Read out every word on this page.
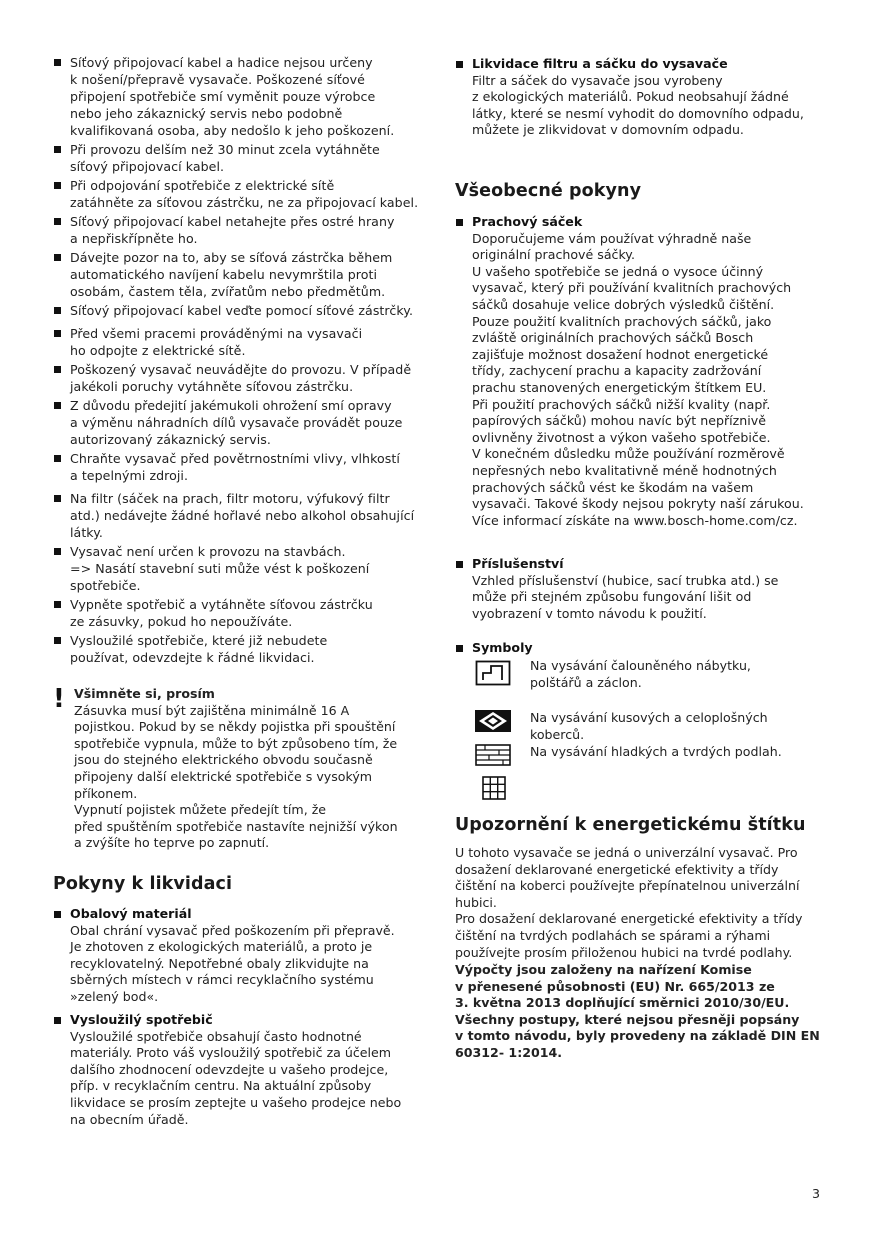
Síťový připojovací kabel a hadice nejsou určeny
k nošení/přepravě vysavače. Poškozené síťové
připojení spotřebiče smí vyměnit pouze výrobce
nebo jeho zákaznický servis nebo podobně
kvalifikovaná osoba, aby nedošlo k jeho poškození.
Při provozu delším než 30 minut zcela vytáhněte
síťový připojovací kabel.
Při odpojování spotřebiče z elektrické sítě
zatáhněte za síťovou zástrčku, ne za připojovací kabel.
Síťový připojovací kabel netahejte přes ostré hrany
a nepřiskřípněte ho.
Dávejte pozor na to, aby se síťová zástrčka během
automatického navíjení kabelu nevymrštila proti
osobám, častem těla, zvířatům nebo předmětům.
Síťový připojovací kabel veďte pomocí síťové zástrčky.
Před všemi pracemi prováděnými na vysavači
ho odpojte z elektrické sítě.
Poškozený vysavač neuvádějte do provozu. V případě
jakékoli poruchy vytáhněte síťovou zástrčku.
Z důvodu předejití jakémukoli ohrožení smí opravy
a výměnu náhradních dílů vysavače provádět pouze
autorizovaný zákaznický servis.
Chraňte vysavač před povětrnostními vlivy, vlhkostí
a tepelnými zdroji.
Na filtr (sáček na prach, filtr motoru, výfukový filtr
atd.) nedávejte žádné hořlavé nebo alkohol obsahující
látky.
Vysavač není určen k provozu na stavbách.
=> Nasátí stavební suti může vést k poškození spotřebiče.
Vypněte spotřebič a vytáhněte síťovou zástrčku
ze zásuvky, pokud ho nepoužíváte.
Vysloužilé spotřebiče, které již nebudete
používat, odevzdejte k řádné likvidaci.
! Všimněte si, prosím
Zásuvka musí být zajištěna minimálně 16 A
pojistkou. Pokud by se někdy pojistka při spouštění
spotřebiče vypnula, může to být způsobeno tím, že
jsou do stejného elektrického obvodu současně
připojeny další elektrické spotřebiče s vysokým
příkonem.
Vypnutí pojistek můžete předejít tím, že
před spuštěním spotřebiče nastavíte nejnižší výkon
a zvýšíte ho teprve po zapnutí.
Pokyny k likvidaci
Obalový materiál
Obal chrání vysavač před poškozením při přepravě.
Je zhotoven z ekologických materiálů, a proto je
recyklovatelný. Nepotřebné obaly zlikvidujte na
sběrných místech v rámci recyklačního systému
»zelený bod«.
Vysloužilý spotřebič
Vysloužilé spotřebiče obsahují často hodnotné
materiály. Proto váš vysloužilý spotřebič za účelem
dalšího zhodnocení odevzdejte u vašeho prodejce,
příp. v recyklačním centru. Na aktuální způsoby
likvidace se prosím zeptejte u vašeho prodejce nebo
na obecním úřadě.
Likvidace filtru a sáčku do vysavače
Filtr a sáček do vysavače jsou vyrobeny
z ekologických materiálů. Pokud neobsahují žádné
látky, které se nesmí vyhodit do domovního odpadu,
můžete je zlikvidovat v domovním odpadu.
Všeobecné pokyny
Prachový sáček
Doporučujeme vám používat výhradně naše
originální prachové sáčky.
U vašeho spotřebiče se jedná o vysoce účinný
vysavač, který při používání kvalitních prachových
sáčků dosahuje velice dobrých výsledků čištění.
Pouze použití kvalitních prachových sáčků, jako
zvláště originálních prachových sáčků Bosch
zajišťuje možnost dosažení hodnot energetické
třídy, zachycení prachu a kapacity zadržování
prachu stanovených energetickým štítkem EU.
Při použití prachových sáčků nižší kvality (např.
papírových sáčků) mohou navíc být nepříznivě
ovlivněny životnost a výkon vašeho spotřebiče.
V konečném důsledku může používání rozměrově
nepřesných nebo kvalitativně méně hodnotných
prachových sáčků vést ke škodám na vašem
vysavači. Takové škody nejsou pokryty naší zárukou.
Více informací získáte na www.bosch-home.com/cz.
Příslušenství
Vzhled příslušenství (hubice, sací trubka atd.) se
může při stejném způsobu fungování lišit od
vyobrazení v tomto návodu k použití.
Symboly
Na vysávání čalouněného nábytku,
polštářů a záclon.
Na vysávání kusových a celoplošných
koberců.
Na vysávání hladkých a tvrdých podlah.
Upozornění k energetickému štítku
U tohoto vysavače se jedná o univerzální vysavač. Pro
dosažení deklarované energetické efektivity a třídy
čištění na koberci používejte přepínatelnou univerzální
hubici.
Pro dosažení deklarované energetické efektivity a třídy
čištění na tvrdých podlahách se spárami a rýhami
používejte prosím přiloženou hubici na tvrdé podlahy.
Výpočty jsou založeny na nařízení Komise
v přenesené působnosti (EU) Nr. 665/2013 ze
3. května 2013 doplňující směrnici 2010/30/EU.
Všechny postupy, které nejsou přesněji popsány
v tomto návodu, byly provedeny na základě DIN EN
60312- 1:2014.
3
